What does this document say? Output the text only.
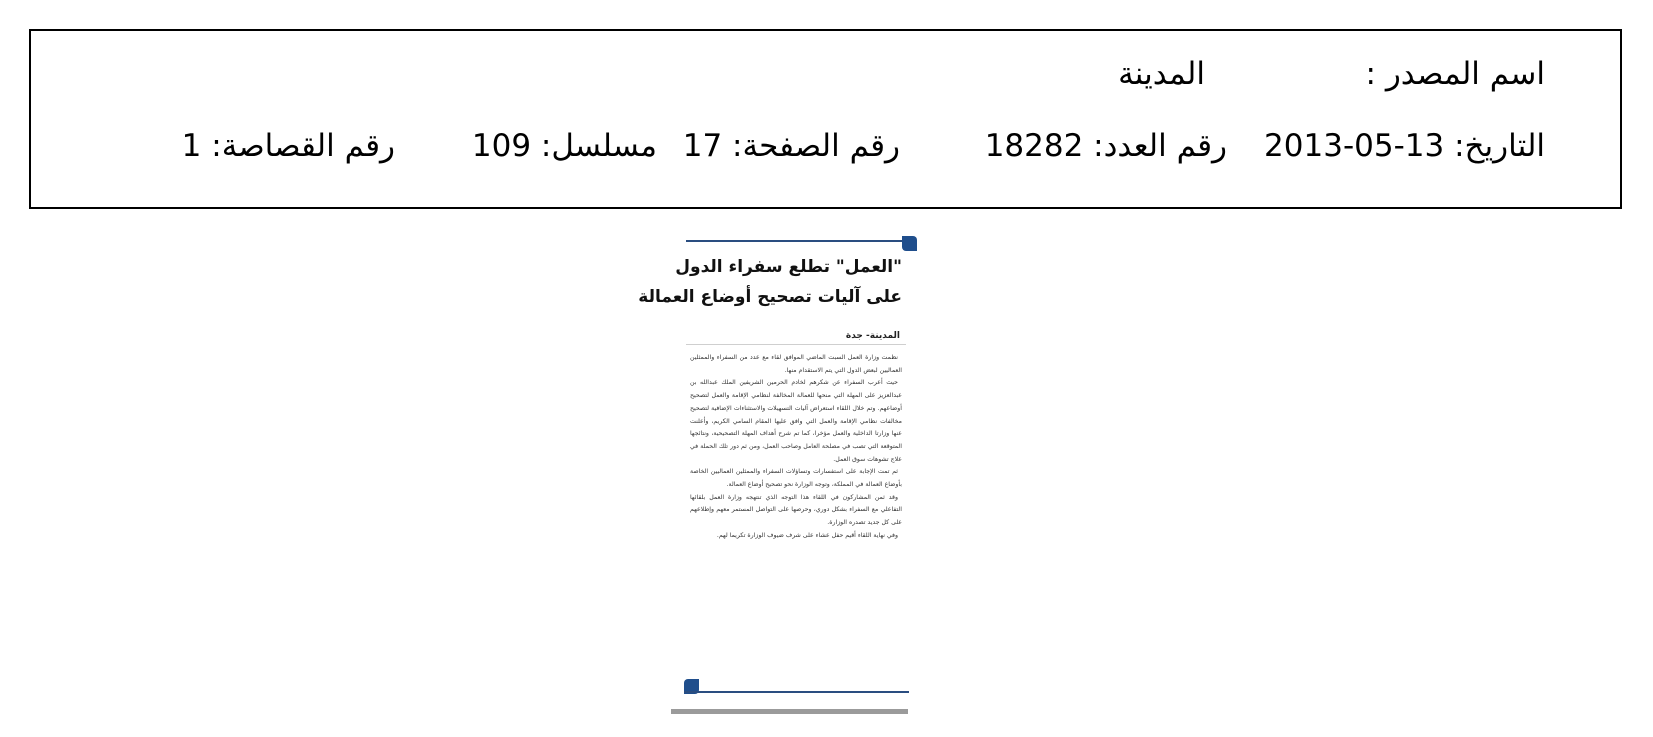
اسم المصدر :
المدينة
التاريخ: 13-05-2013
رقم العدد: 18282
رقم الصفحة: 17
مسلسل: 109
رقم القصاصة: 1
"العمل" تطلع سفراء الدول
على آليات تصحيح أوضاع العمالة
المدينة- جدة

نظمت وزارة العمل السبت الماضي الموافق لقاء مع عدد من السفراء والممثلين العماليين لبعض الدول التي يتم الاستقدام منها.

حيث أعرب السفراء عن شكرهم لخادم الحرمين الشريفين الملك عبدالله بن عبدالعزيز على المهلة التي منحها للعمالة المخالفة لنظامي الإقامة والعمل لتصحيح أوضاعهم. وتم خلال اللقاء استعراض آليات التسهيلات والاستثناءات الإضافية لتصحيح مخالفات نظامي الإقامة والعمل التي وافق عليها المقام السامي الكريم، وأعلنت عنها وزارتا الداخلية والعمل مؤخرا، كما تم شرح أهداف المهلة التصحيحية، ونتائجها المتوقعة التي تصب في مصلحة العامل وصاحب العمل، ومن ثم دور تلك الحملة في علاج تشوهات سوق العمل.

ثم تمت الإجابة على استفسارات وتساؤلات السفراء والممثلين العماليين الخاصة بأوضاع العمالة في المملكة، وتوجه الوزارة نحو تصحيح أوضاع العمالة.

وقد ثمن المشاركون في اللقاء هذا التوجه الذي تنتهجه وزارة العمل بلقائها التفاعلي مع السفراء بشكل دوري، وحرصها على التواصل المستمر معهم وإطلاعهم على كل جديد تصدره الوزارة.

وفي نهاية اللقاء أقيم حفل عشاء على شرف ضيوف الوزارة تكريما لهم.
